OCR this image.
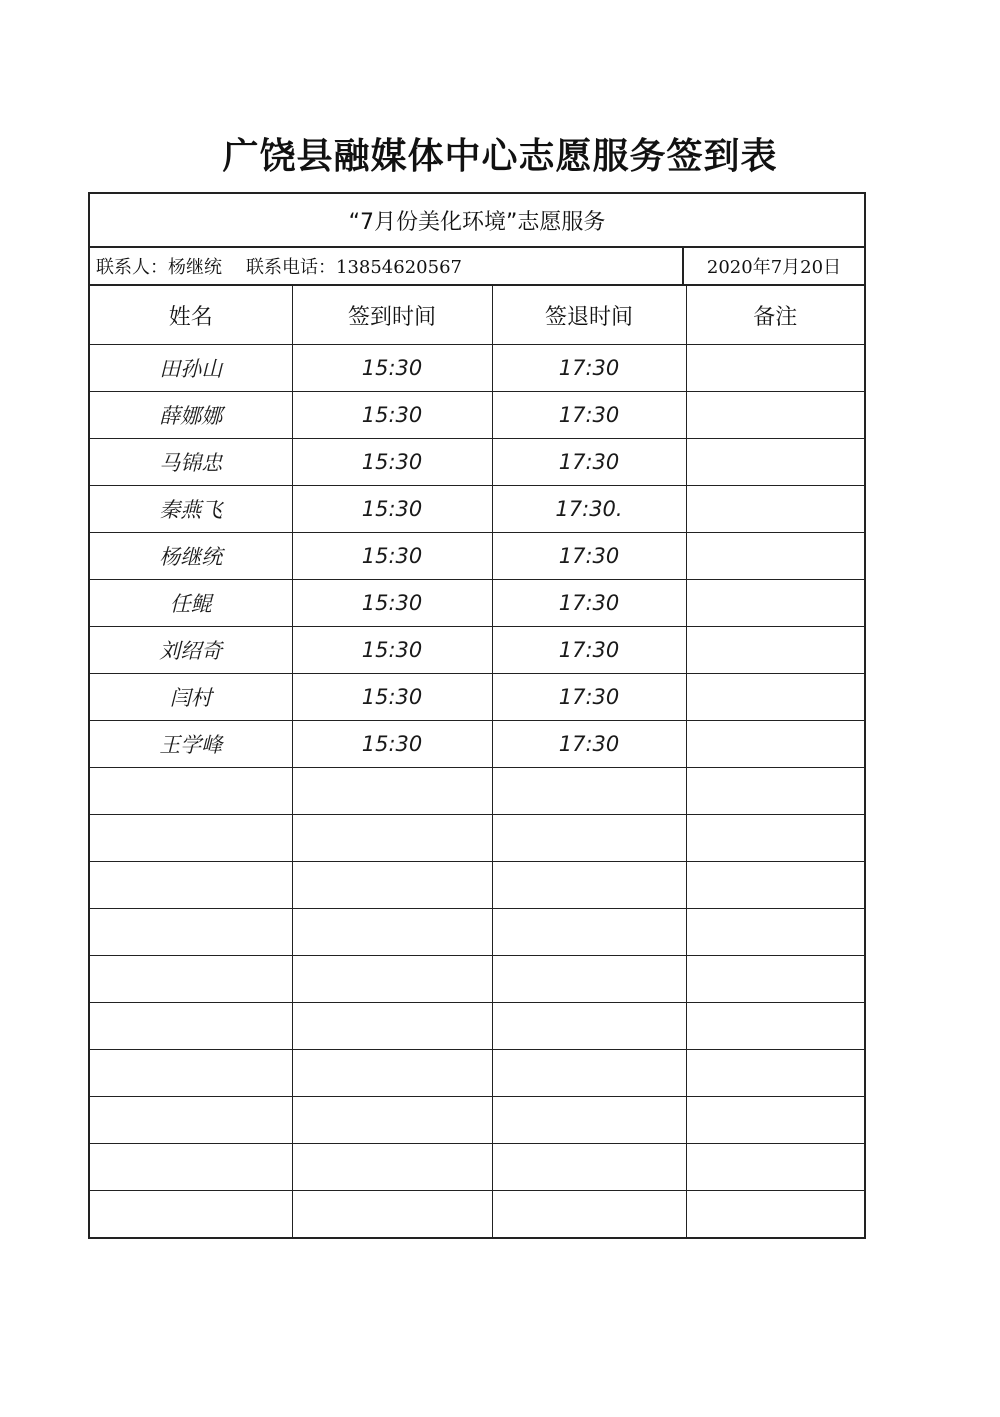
广饶县融媒体中心志愿服务签到表
“7月份美化环境”志愿服务
联系人：杨继统 联系电话：13854620567	2020年7月20日
姓名	签到时间	签退时间	备注
田孙山	15:30	17:30	
薛娜娜	15:30	17:30	
马锦忠	15:30	17:30	
秦燕飞	15:30	17:30.	
杨继统	15:30	17:30	
任鲲	15:30	17:30	
刘绍奇	15:30	17:30	
闫村	15:30	17:30	
王学峰	15:30	17:30	
